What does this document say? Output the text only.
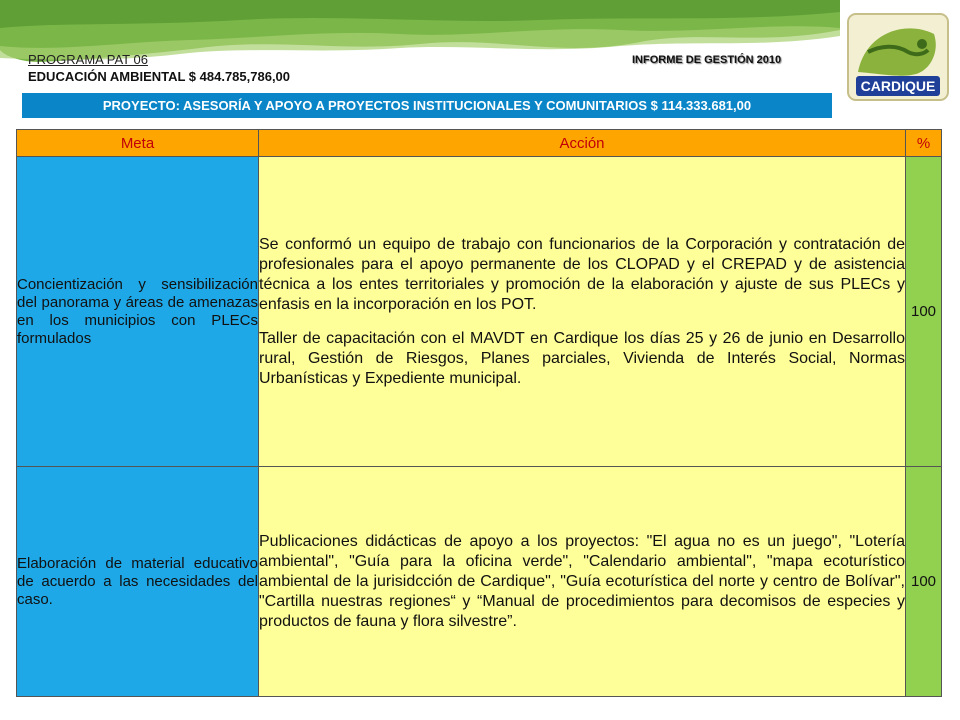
PROGRAMA PAT 06
EDUCACIÓN AMBIENTAL $ 484.785,786,00
INFORME DE GESTIÓN 2010
CARDIQUE
PROYECTO: ASESORÍA Y APOYO A PROYECTOS INSTITUCIONALES Y COMUNITARIOS $ 114.333.681,00
Meta	Acción	%
Concientización y sensibilización del panorama y áreas de amenazas en los municipios con PLECs formulados	Se conformó un equipo de trabajo con funcionarios de la Corporación y contratación de profesionales para el apoyo permanente de los CLOPAD y el CREPAD y de asistencia técnica a los entes territoriales y promoción de la elaboración y ajuste de sus PLECs y enfasis en la incorporación en los POT.

Taller de capacitación con el MAVDT en Cardique los días 25 y 26 de junio en Desarrollo rural, Gestión de Riesgos, Planes parciales, Vivienda de Interés Social, Normas Urbanísticas y Expediente municipal.	100
Elaboración de material educativo de acuerdo a las necesidades del caso.	Publicaciones didácticas de apoyo a los proyectos: "El agua no es un juego", "Lotería ambiental", "Guía para la oficina verde", "Calendario ambiental", "mapa ecoturístico ambiental de la jurisidcción de Cardique", "Guía ecoturística del norte y centro de Bolívar", "Cartilla nuestras regiones“ y “Manual de procedimientos para decomisos de especies y productos de fauna y flora silvestre”.	100
